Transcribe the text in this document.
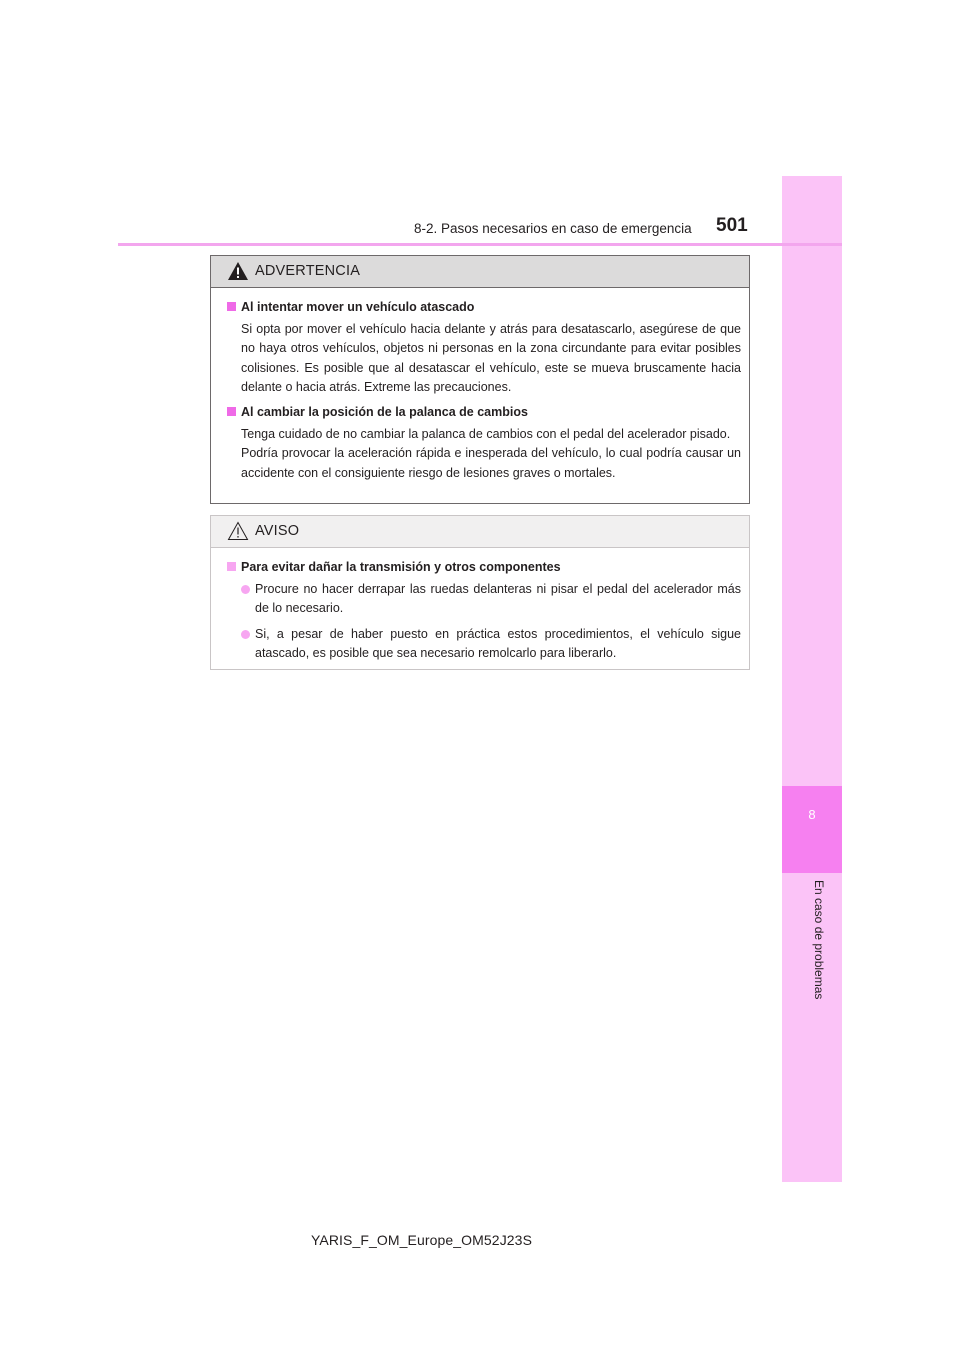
8
En caso de problemas
8-2. Pasos necesarios en caso de emergencia 501
ADVERTENCIA
Al intentar mover un vehículo atascado

Si opta por mover el vehículo hacia delante y atrás para desatascarlo, asegúrese de que no haya otros vehículos, objetos ni personas en la zona circundante para evitar posibles colisiones. Es posible que al desatascar el vehículo, este se mueva bruscamente hacia delante o hacia atrás. Extreme las precauciones.

Al cambiar la posición de la palanca de cambios

Tenga cuidado de no cambiar la palanca de cambios con el pedal del acelerador pisado.

Podría provocar la aceleración rápida e inesperada del vehículo, lo cual podría causar un accidente con el consiguiente riesgo de lesiones graves o mortales.

AVISO
Para evitar dañar la transmisión y otros componentes
Procure no hacer derrapar las ruedas delanteras ni pisar el pedal del acelerador más de lo necesario.
Si, a pesar de haber puesto en práctica estos procedimientos, el vehículo sigue atascado, es posible que sea necesario remolcarlo para liberarlo.
YARIS_F_OM_Europe_OM52J23S
